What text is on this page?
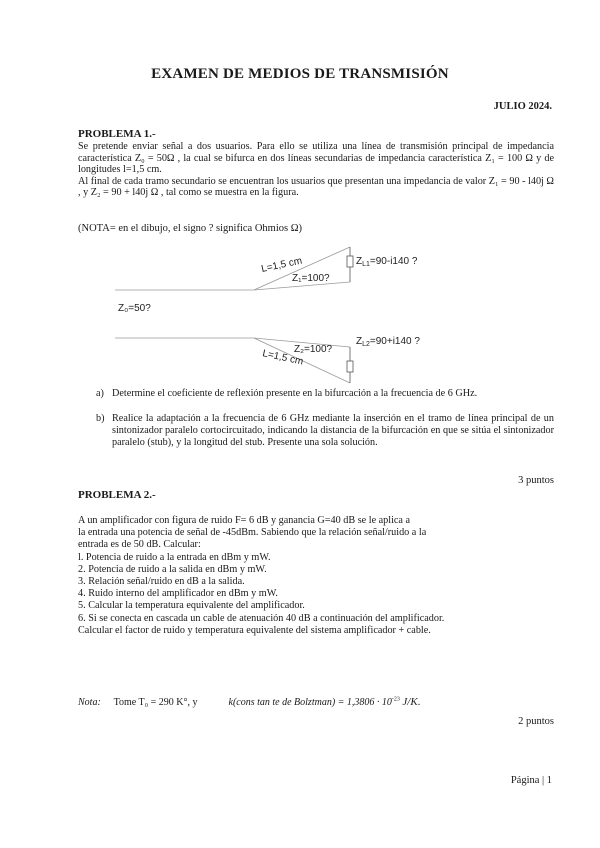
EXAMEN DE MEDIOS DE TRANSMISIÓN
JULIO 2024.
PROBLEMA 1.-

Se pretende enviar señal a dos usuarios. Para ello se utiliza una línea de transmisión principal de impedancia característica Z₀ = 50Ω , la cual se bifurca en dos líneas secundarias de impedancia característica Z₁ = 100 Ω y de longitudes l=1,5 cm.

Al final de cada tramo secundario se encuentran los usuarios que presentan una impedancia de valor Z₁ = 90 - l40j Ω , y Z₂ = 90 + l40j Ω , tal como se muestra en la figura.

(NOTA= en el dibujo, el signo ? significa Ohmios Ω)
L=1,5 cm
Z₁=100?
$Z_{L1}=90-i140$ ?
Z₀=50?
Z₂=100?
L=1,5 cm
$Z_{L2}=90+i140$ ?
a) Determine el coeficiente de reflexión presente en la bifurcación a la frecuencia de 6 GHz.
b) Realice la adaptación a la frecuencia de 6 GHz mediante la inserción en el tramo de línea principal de un sintonizador paralelo cortocircuitado, indicando la distancia de la bifurcación en que se sitúa el sintonizador paralelo (stub), y la longitud del stub. Presente una sola solución.
3 puntos
PROBLEMA 2.-
A un amplificador con figura de ruido F= 6 dB y ganancia G=40 dB se le aplica a
la entrada una potencia de señal de -45dBm. Sabiendo que la relación señal/ruido a la
entrada es de 50 dB. Calcular:
l. Potencia de ruido a la entrada en dBm y mW.
2. Potencia de ruido a la salida en dBm y mW.
3. Relación señal/ruido en dB a la salida.
4. Ruido interno del amplificador en dBm y mW.
5. Calcular la temperatura equivalente del amplificador.
6. Si se conecta en cascada un cable de atenuación 40 dB a continuación del amplificador.
Calcular el factor de ruido y temperatura equivalente del sistema amplificador + cable.
Nota: Tome T₀ = 290 K°, y	k(cons tan te de Bolztman) = $1,3806 \cdot 10^{-23}$ J/K.
2 puntos
Página | 1
